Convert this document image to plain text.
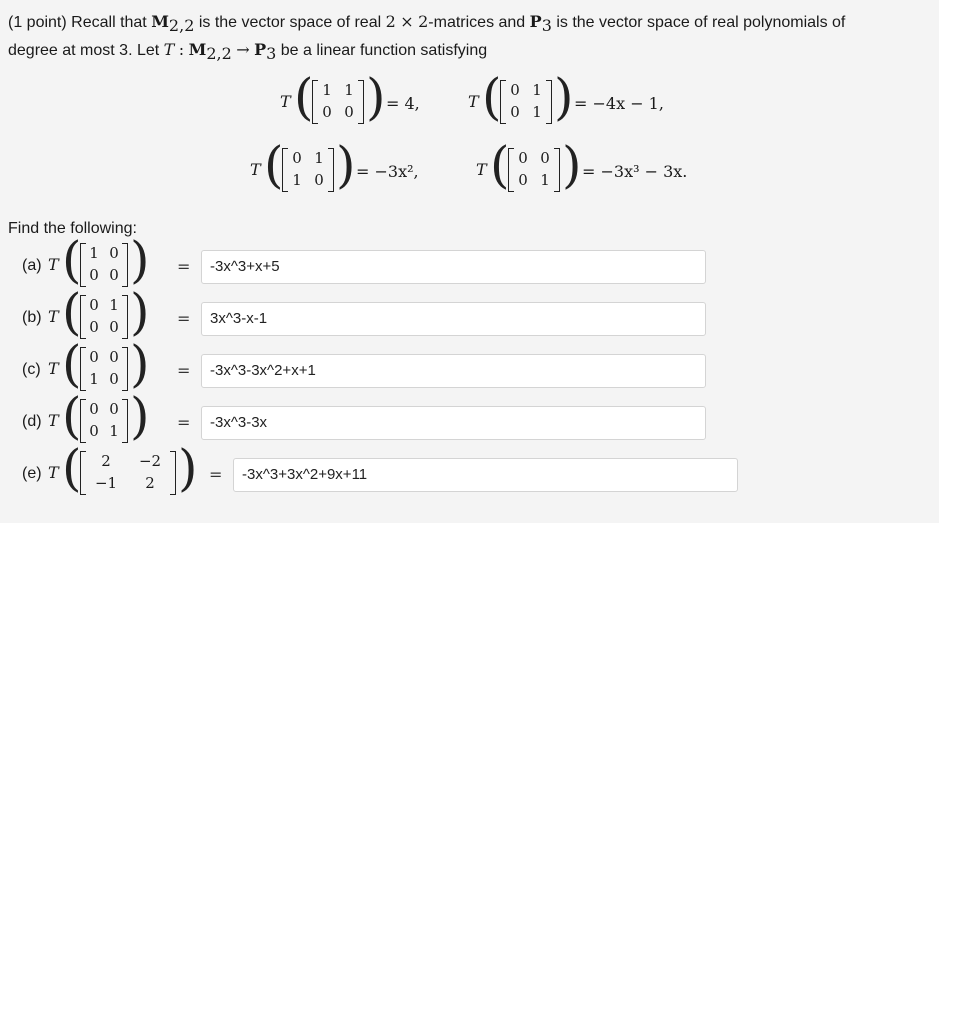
(1 point) Recall that M2,2 is the vector space of real 2 × 2-matrices and P3 is the vector space of real polynomials of
degree at most 3. Let T : M2,2 → P3 be a linear function satisfying
T ( 1 1
0 0 ) = 4,	T ( 0 1
0 1 ) = −4x − 1,
T ( 0 1
1 0 ) = −3x²,	T ( 0 0
0 1 ) = −3x³ − 3x.
Find the following:
(a) T ( 1 0
0 0 ) =	-3x^3+x+5
(b) T ( 0 1
0 0 ) =	3x^3-x-1
(c) T ( 0 0
1 0 ) =	-3x^3-3x^2+x+1
(d) T ( 0 0
0 1 ) =	-3x^3-3x
(e) T (	2	−2
−1	2 ) =	-3x^3+3x^2+9x+11
